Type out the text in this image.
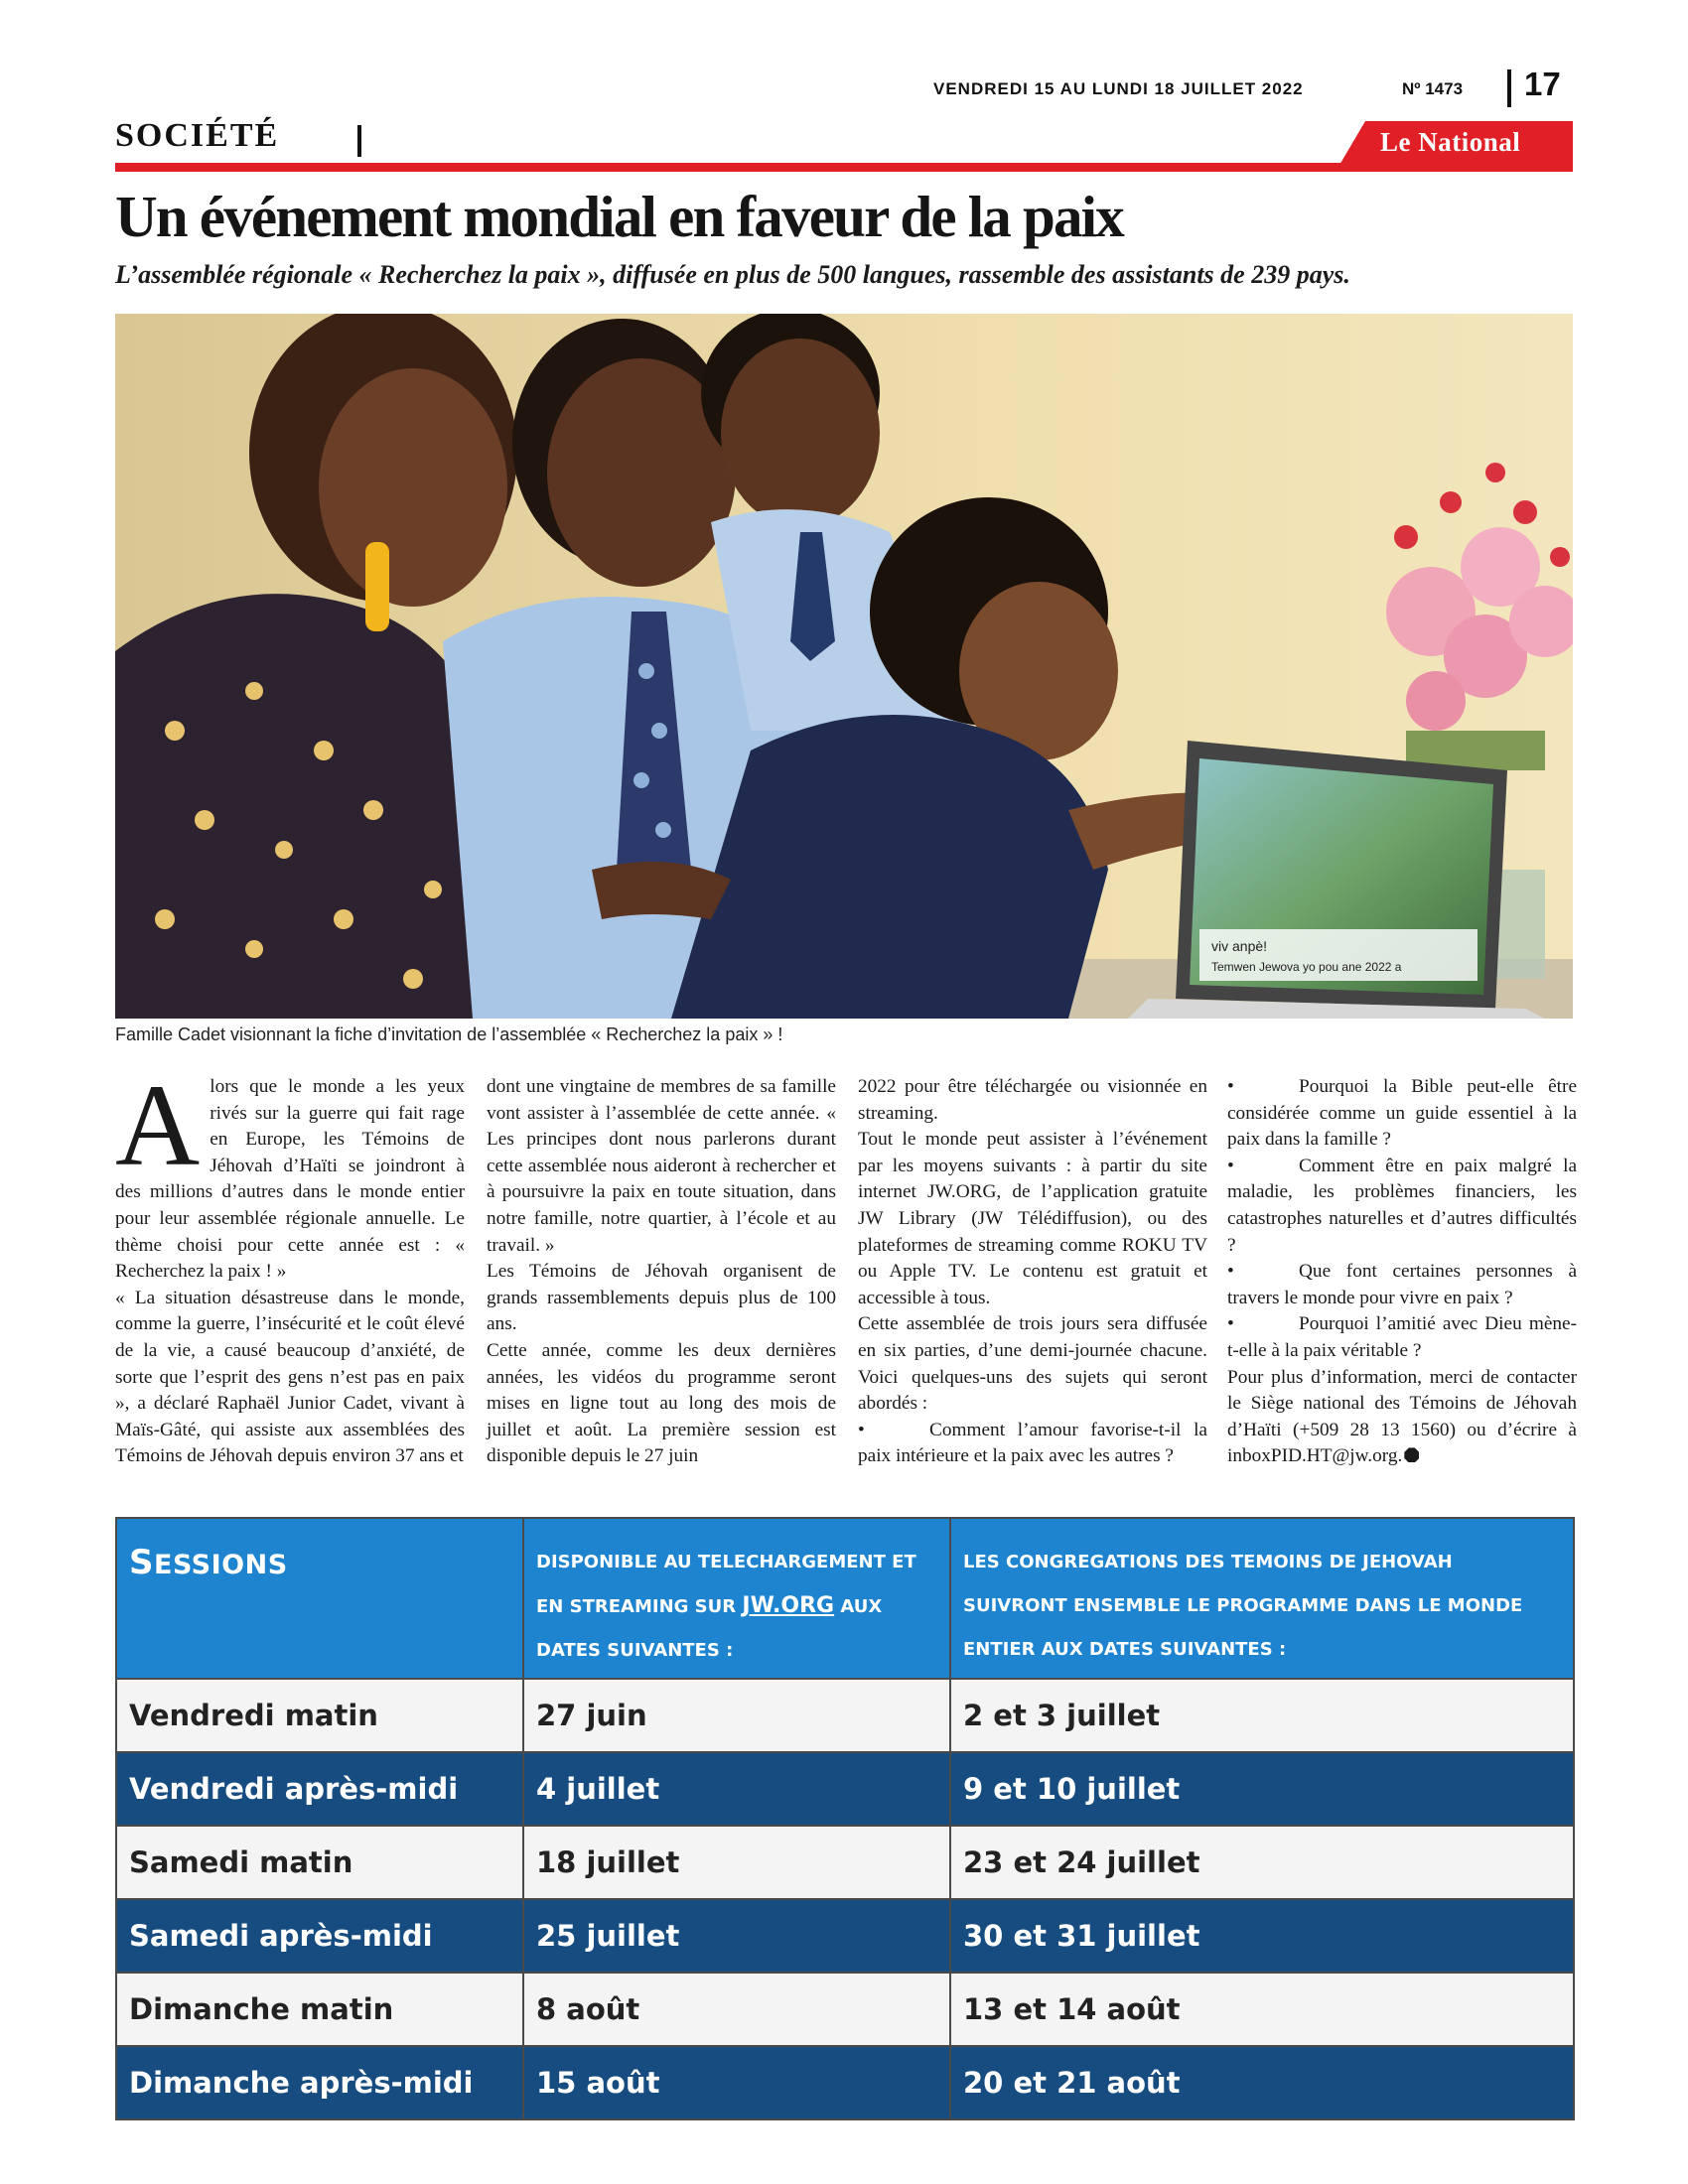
VENDREDI 15 AU LUNDI 18 JUILLET 2022	Nº 1473 17
SOCIÉTÉ	Le National
Un événement mondial en faveur de la paix
L’assemblée régionale « Recherchez la paix », diffusée en plus de 500 langues, rassemble des assistants de 239 pays.
viv anpè!
Temwen Jewova yo pou ane 2022 a
Famille Cadet visionnant la fiche d’invitation de l’assemblée « Recherchez la paix » !

Alors que le monde a les yeux rivés sur la guerre qui fait rage en Europe, les Témoins de Jéhovah d’Haïti se joindront à des millions d’autres dans le monde entier pour leur assemblée régionale annuelle. Le thème choisi pour cette année est : « Recherchez la paix ! »

« La situation désastreuse dans le monde, comme la guerre, l’insécurité et le coût élevé de la vie, a causé beaucoup d’anxiété, de sorte que l’esprit des gens n’est pas en paix », a déclaré Raphaël Junior Cadet, vivant à Maïs-Gâté, qui assiste aux assemblées des Témoins de Jéhovah depuis environ 37 ans et

dont une vingtaine de membres de sa famille vont assister à l’assemblée de cette année. « Les principes dont nous parlerons durant cette assemblée nous aideront à rechercher et à poursuivre la paix en toute situation, dans notre famille, notre quartier, à l’école et au travail. »

Les Témoins de Jéhovah organisent de grands rassemblements depuis plus de 100 ans.

Cette année, comme les deux dernières années, les vidéos du programme seront mises en ligne tout au long des mois de juillet et août. La première session est disponible depuis le 27 juin

2022 pour être téléchargée ou visionnée en streaming.

Tout le monde peut assister à l’événement par les moyens suivants : à partir du site internet JW.ORG, de l’application gratuite JW Library (JW Télédiffusion), ou des plateformes de streaming comme ROKU TV ou Apple TV. Le contenu est gratuit et accessible à tous.

Cette assemblée de trois jours sera diffusée en six parties, d’une demi-journée chacune. Voici quelques-uns des sujets qui seront abordés :

•	Comment l’amour favorise-t-il la paix intérieure et la paix avec les autres ?

•	Pourquoi la Bible peut-elle être considérée comme un guide essentiel à la paix dans la famille ?

•	Comment être en paix malgré la maladie, les problèmes financiers, les catastrophes naturelles et d’autres difficultés ?

•	Que font certaines personnes à travers le monde pour vivre en paix ?

•	Pourquoi l’amitié avec Dieu mène-t-elle à la paix véritable ?

Pour plus d’information, merci de contacter le Siège national des Témoins de Jéhovah d’Haïti (+509 28 13 1560) ou d’écrire à inboxPID.HT@jw.org.

SESSIONS	DISPONIBLE AU TELECHARGEMENT ET EN STREAMING SUR JW.ORG AUX DATES SUIVANTES :	LES CONGREGATIONS DES TEMOINS DE JEHOVAH SUIVRONT ENSEMBLE LE PROGRAMME DANS LE MONDE ENTIER AUX DATES SUIVANTES :

Vendredi matin	27 juin	2 et 3 juillet
Vendredi après-midi	4 juillet	9 et 10 juillet
Samedi matin	18 juillet	23 et 24 juillet
Samedi après-midi	25 juillet	30 et 31 juillet
Dimanche matin	8 août	13 et 14 août
Dimanche après-midi	15 août	20 et 21 août
